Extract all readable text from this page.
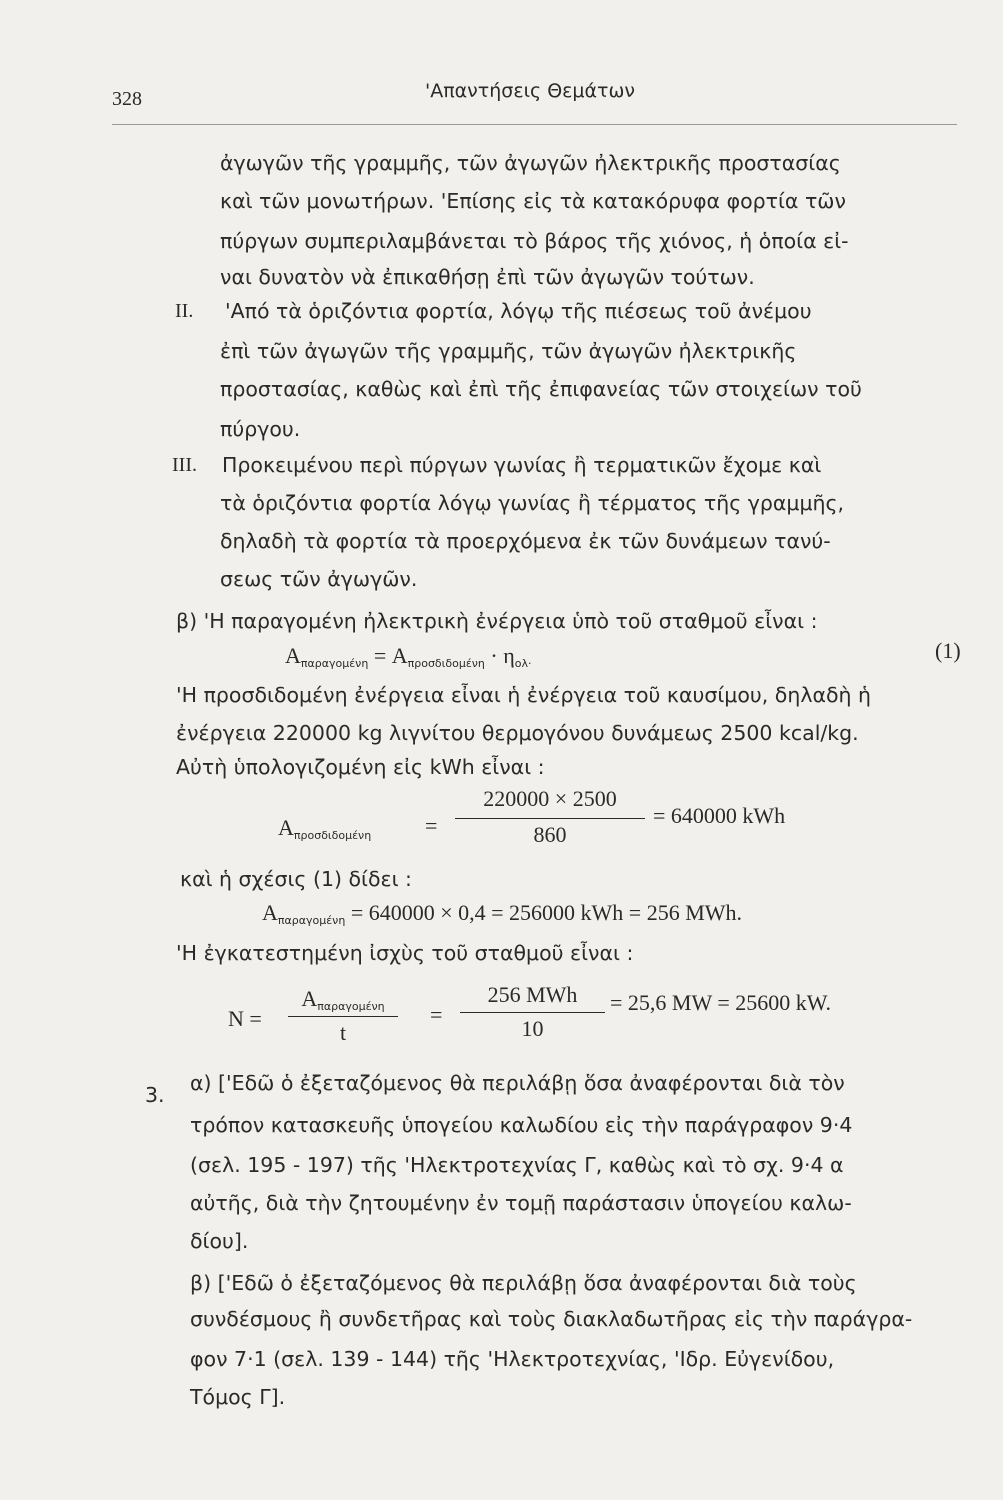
328	'Απαντήσεις Θεμάτων
ἀγωγῶν τῆς γραμμῆς, τῶν ἀγωγῶν ἠλεκτρικῆς προστασίας
καὶ τῶν μονωτήρων. 'Επίσης εἰς τὰ κατακόρυφα φορτία τῶν
πύργων συμπεριλαμβάνεται τὸ βάρος τῆς χιόνος, ἡ ὁποία εἰ-
ναι δυνατὸν νὰ ἐπικαθήσῃ ἐπὶ τῶν ἀγωγῶν τούτων.
II. 'Από τὰ ὁριζόντια φορτία, λόγῳ τῆς πιέσεως τοῦ ἀνέμου
ἐπὶ τῶν ἀγωγῶν τῆς γραμμῆς, τῶν ἀγωγῶν ἠλεκτρικῆς
προστασίας, καθὼς καὶ ἐπὶ τῆς ἐπιφανείας τῶν στοιχείων τοῦ
πύργου.
III. Προκειμένου περὶ πύργων γωνίας ἢ τερματικῶν ἔχομε καὶ
τὰ ὁριζόντια φορτία λόγῳ γωνίας ἢ τέρματος τῆς γραμμῆς,
δηλαδὴ τὰ φορτία τὰ προερχόμενα ἐκ τῶν δυνάμεων τανύ-
σεως τῶν ἀγωγῶν.
β) 'Η παραγομένη ἠλεκτρικὴ ἐνέργεια ὑπὸ τοῦ σταθμοῦ εἶναι :
$A_{\pi\alpha\rho\alpha\gamma o\mu έ\nu\eta} = A_{\pi\rho o\sigma\delta\iota\delta o\mu έ\nu\eta} \cdot \eta_{o\lambda\cdot}$
(1)
'Η προσδιδομένη ἐνέργεια εἶναι ἡ ἐνέργεια τοῦ καυσίμου, δηλαδὴ ἡ
ἐνέργεια 220000 kg λιγνίτου θερμογόνου δυνάμεως 2500 kcal/kg.
Αὐτὴ ὑπολογιζομένη εἰς kWh εἶναι :
$A_{\pi\rho o\sigma\delta\iota\delta o\mu έ\nu\eta}$ =
220000 × 2500
860
= 640000 kWh
καὶ ἡ σχέσις (1) δίδει :
$A_{\pi\alpha\rho\alpha\gamma o\mu έ\nu\eta} = 640000 \times 0,4 = 256000$ kWh = 256 MWh.
'Η ἐγκατεστημένη ἰσχὺς τοῦ σταθμοῦ εἶναι :
N =
$A_{\pi\alpha\rho\alpha\gamma o\mu έ\nu\eta}$
t
=
256 MWh
10
= 25,6 MW = 25600 kW.
3. α) ['Εδῶ ὁ ἐξεταζόμενος θὰ περιλάβῃ ὅσα ἀναφέρονται διὰ τὸν
τρόπον κατασκευῆς ὑπογείου καλωδίου εἰς τὴν παράγραφον 9·4
(σελ. 195 - 197) τῆς 'Ηλεκτροτεχνίας Γ, καθὼς καὶ τὸ σχ. 9·4 α
αὐτῆς, διὰ τὴν ζητουμένην ἐν τομῇ παράστασιν ὑπογείου καλω-
δίου].
β) ['Εδῶ ὁ ἐξεταζόμενος θὰ περιλάβῃ ὅσα ἀναφέρονται διὰ τοὺς
συνδέσμους ἢ συνδετῆρας καὶ τοὺς διακλαδωτῆρας εἰς τὴν παράγρα-
φον 7·1 (σελ. 139 - 144) τῆς 'Ηλεκτροτεχνίας, 'Ιδρ. Εὐγενίδου,
Τόμος Γ].
